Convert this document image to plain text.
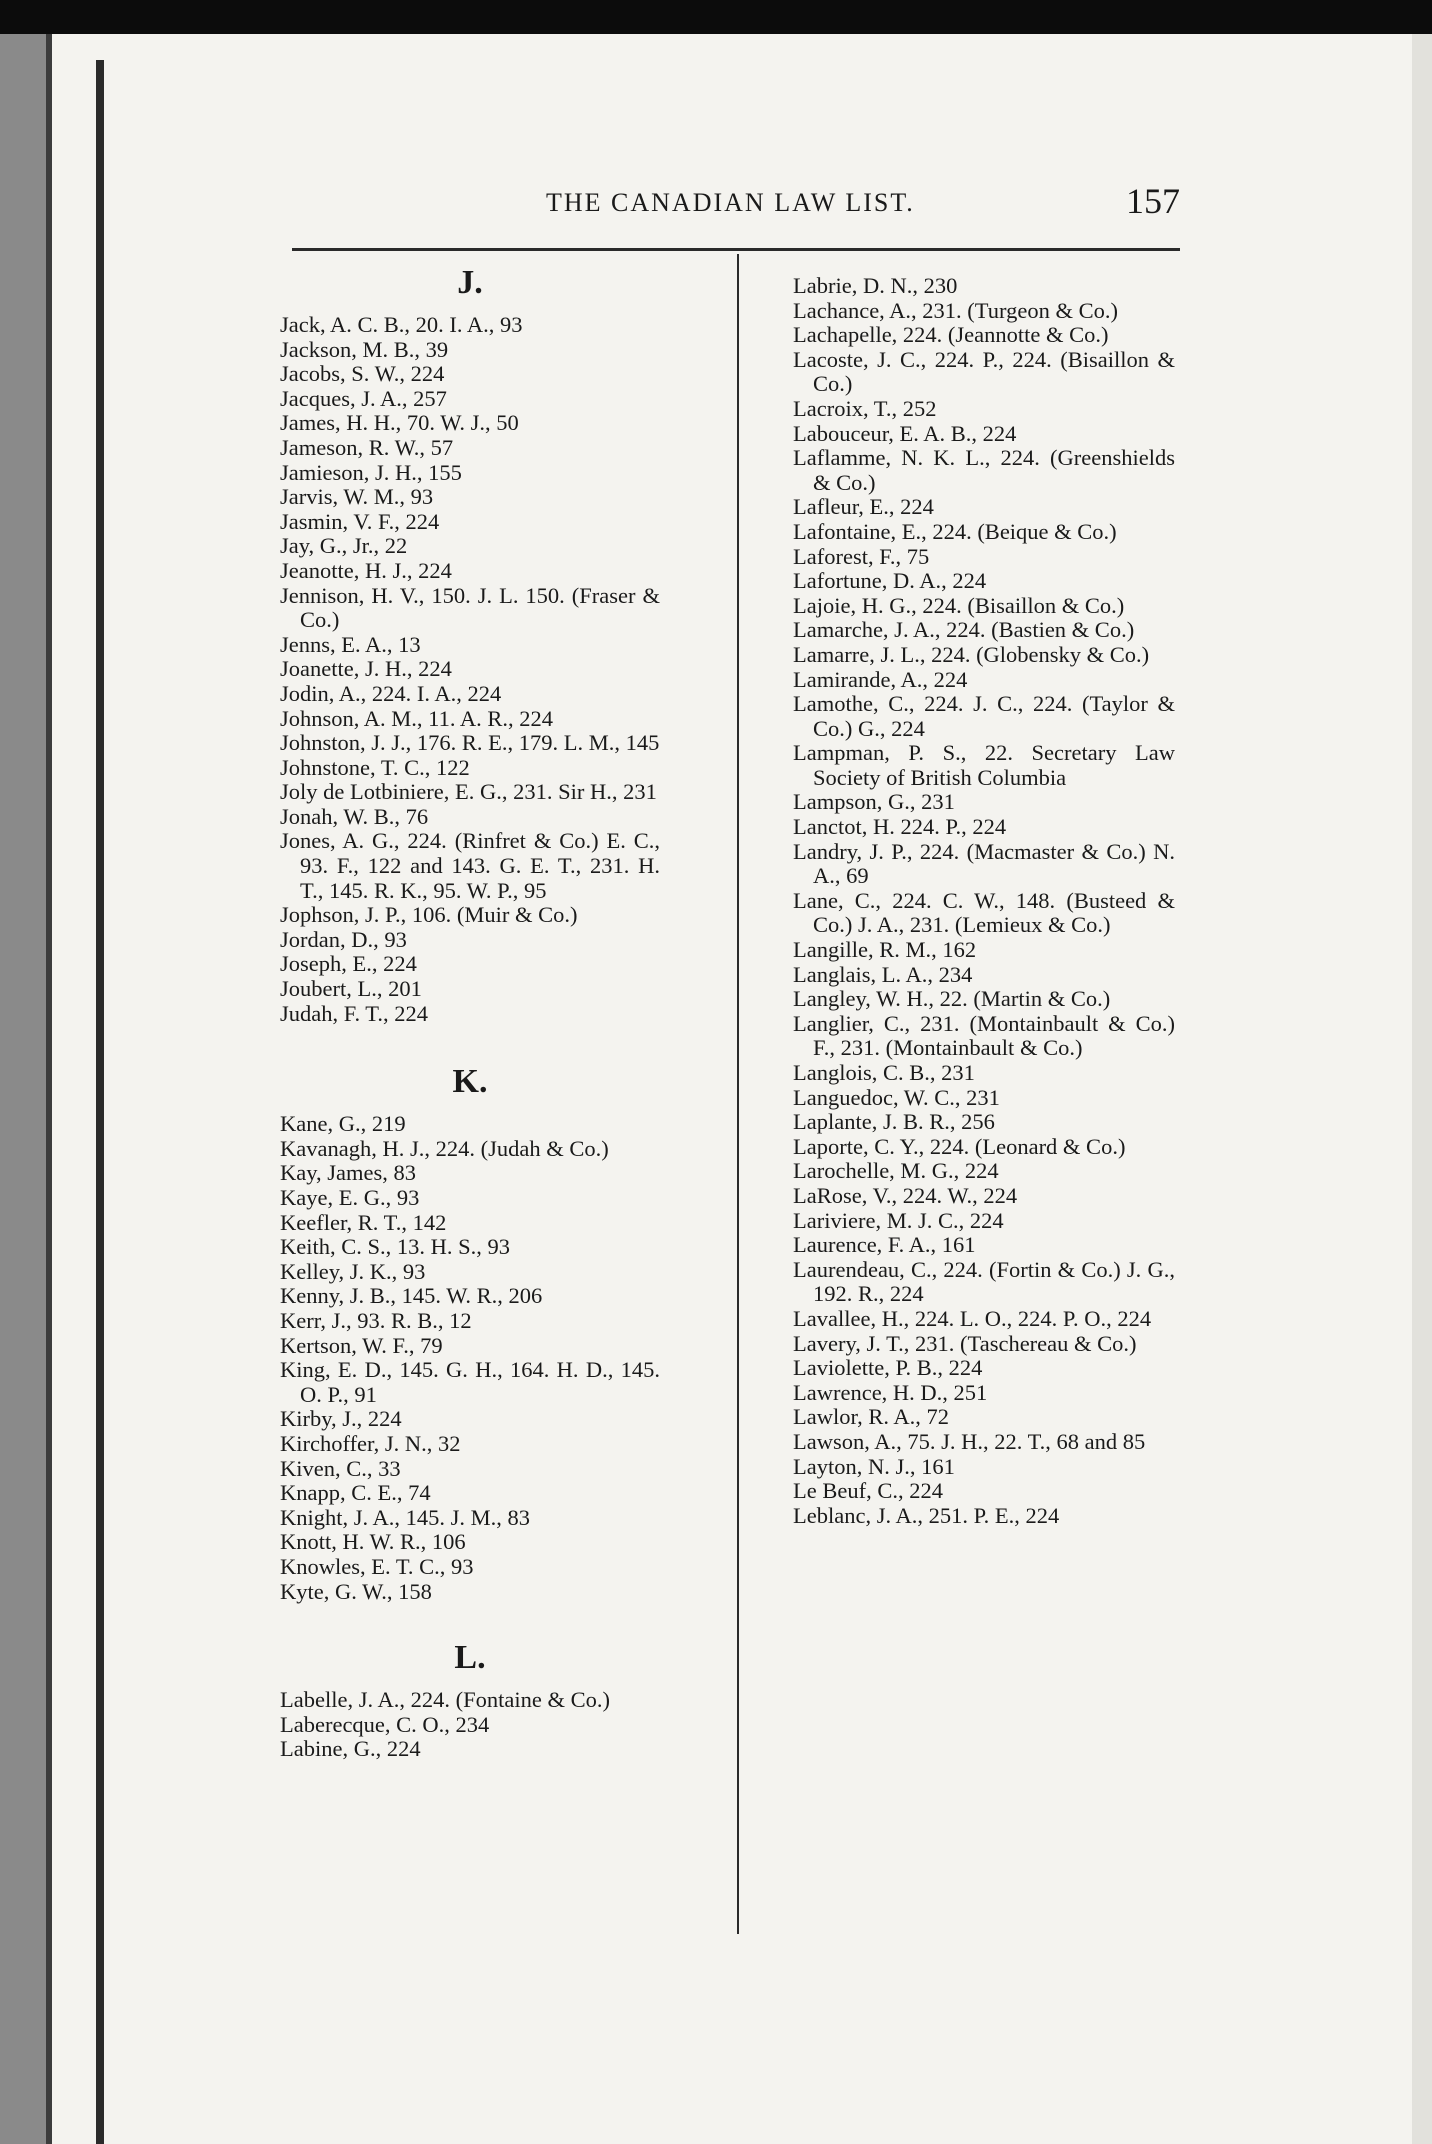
THE CANADIAN LAW LIST.	157
J.
Jack, A. C. B., 20. I. A., 93
Jackson, M. B., 39
Jacobs, S. W., 224
Jacques, J. A., 257
James, H. H., 70. W. J., 50
Jameson, R. W., 57
Jamieson, J. H., 155
Jarvis, W. M., 93
Jasmin, V. F., 224
Jay, G., Jr., 22
Jeanotte, H. J., 224
Jennison, H. V., 150. J. L. 150. (Fraser & Co.)
Jenns, E. A., 13
Joanette, J. H., 224
Jodin, A., 224. I. A., 224
Johnson, A. M., 11. A. R., 224
Johnston, J. J., 176. R. E., 179. L. M., 145
Johnstone, T. C., 122
Joly de Lotbiniere, E. G., 231. Sir H., 231
Jonah, W. B., 76
Jones, A. G., 224. (Rinfret & Co.) E. C., 93. F., 122 and 143. G. E. T., 231. H. T., 145. R. K., 95. W. P., 95
Jophson, J. P., 106. (Muir & Co.)
Jordan, D., 93
Joseph, E., 224
Joubert, L., 201
Judah, F. T., 224
K.
Kane, G., 219
Kavanagh, H. J., 224. (Judah & Co.)
Kay, James, 83
Kaye, E. G., 93
Keefler, R. T., 142
Keith, C. S., 13. H. S., 93
Kelley, J. K., 93
Kenny, J. B., 145. W. R., 206
Kerr, J., 93. R. B., 12
Kertson, W. F., 79
King, E. D., 145. G. H., 164. H. D., 145. O. P., 91
Kirby, J., 224
Kirchoffer, J. N., 32
Kiven, C., 33
Knapp, C. E., 74
Knight, J. A., 145. J. M., 83
Knott, H. W. R., 106
Knowles, E. T. C., 93
Kyte, G. W., 158
L.
Labelle, J. A., 224. (Fontaine & Co.)
Laberecque, C. O., 234
Labine, G., 224
Labrie, D. N., 230
Lachance, A., 231. (Turgeon & Co.)
Lachapelle, 224. (Jeannotte & Co.)
Lacoste, J. C., 224. P., 224. (Bisaillon & Co.)
Lacroix, T., 252
Labouceur, E. A. B., 224
Laflamme, N. K. L., 224. (Greenshields & Co.)
Lafleur, E., 224
Lafontaine, E., 224. (Beique & Co.)
Laforest, F., 75
Lafortune, D. A., 224
Lajoie, H. G., 224. (Bisaillon & Co.)
Lamarche, J. A., 224. (Bastien & Co.)
Lamarre, J. L., 224. (Globensky & Co.)
Lamirande, A., 224
Lamothe, C., 224. J. C., 224. (Taylor & Co.) G., 224
Lampman, P. S., 22. Secretary Law Society of British Columbia
Lampson, G., 231
Lanctot, H. 224. P., 224
Landry, J. P., 224. (Macmaster & Co.) N. A., 69
Lane, C., 224. C. W., 148. (Busteed & Co.) J. A., 231. (Lemieux & Co.)
Langille, R. M., 162
Langlais, L. A., 234
Langley, W. H., 22. (Martin & Co.)
Langlier, C., 231. (Montainbault & Co.) F., 231. (Montainbault & Co.)
Langlois, C. B., 231
Languedoc, W. C., 231
Laplante, J. B. R., 256
Laporte, C. Y., 224. (Leonard & Co.)
Larochelle, M. G., 224
LaRose, V., 224. W., 224
Lariviere, M. J. C., 224
Laurence, F. A., 161
Laurendeau, C., 224. (Fortin & Co.) J. G., 192. R., 224
Lavallee, H., 224. L. O., 224. P. O., 224
Lavery, J. T., 231. (Taschereau & Co.)
Laviolette, P. B., 224
Lawrence, H. D., 251
Lawlor, R. A., 72
Lawson, A., 75. J. H., 22. T., 68 and 85
Layton, N. J., 161
Le Beuf, C., 224
Leblanc, J. A., 251. P. E., 224
